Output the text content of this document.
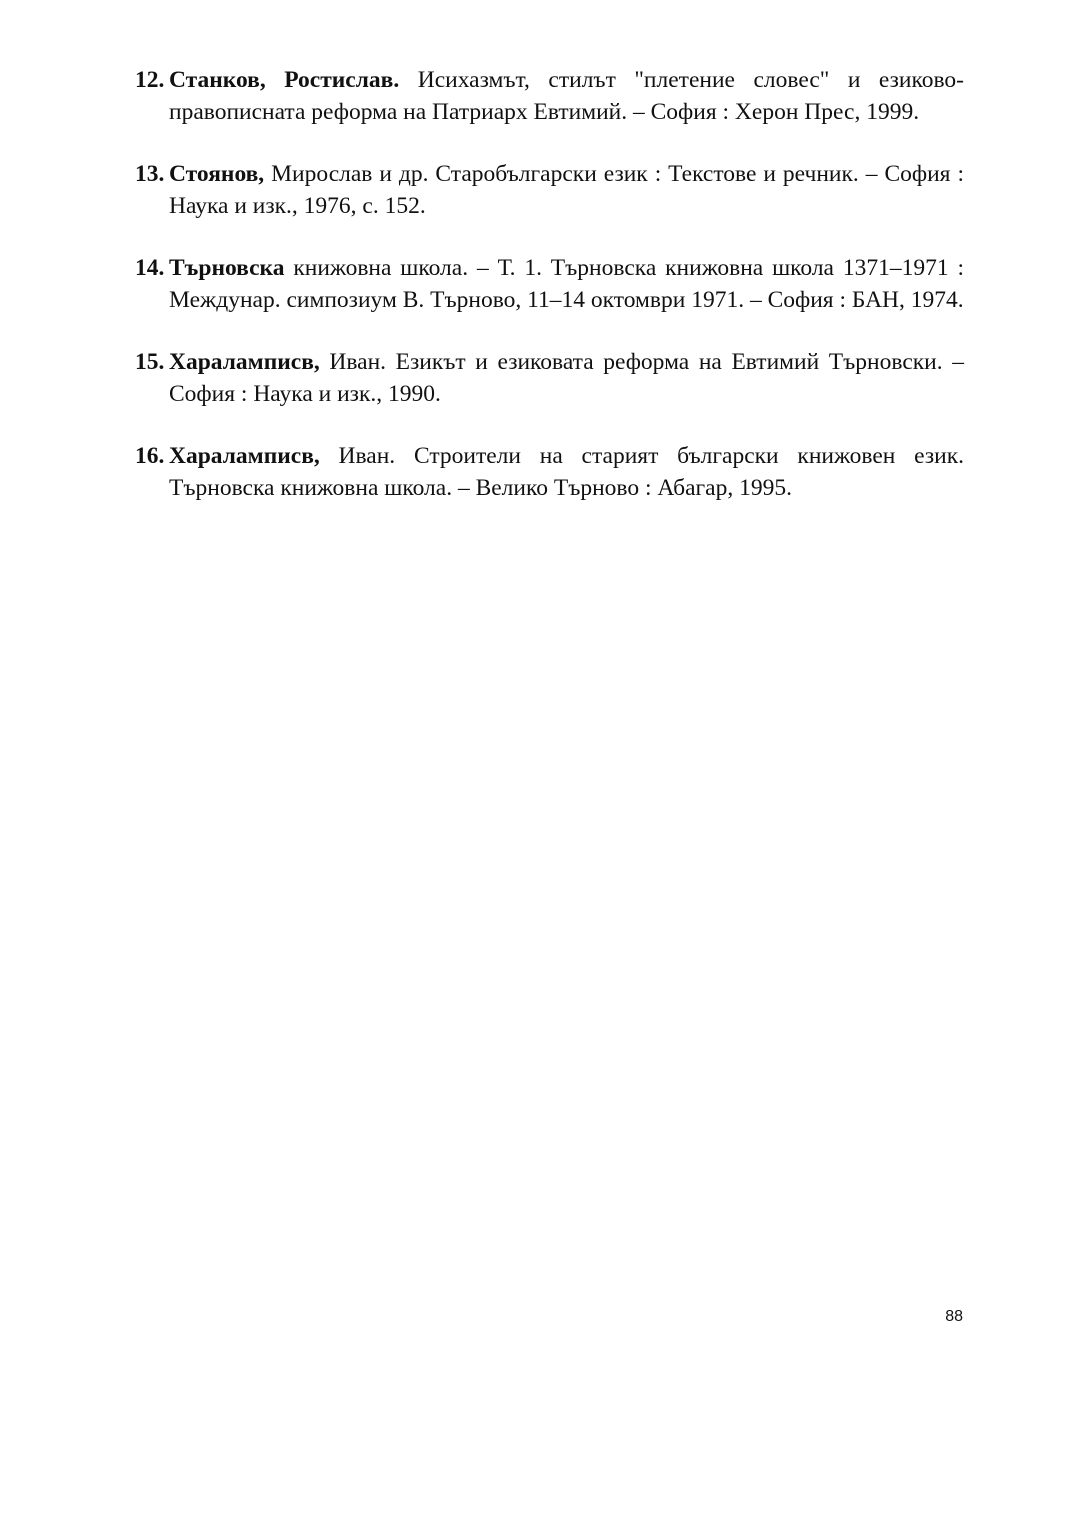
12. Станков, Ростислав. Исихазмът, стилът "плетение словес" и езиково-правописната реформа на Патриарх Евтимий. – София : Херон Прес, 1999.

13. Стоянов, Мирослав и др. Старобългарски език : Текстове и речник. – София : Наука и изк., 1976, с. 152.

14. Търновска книжовна школа. – Т. 1. Търновска книжовна школа 1371–1971 : Междунар. симпозиум В. Търново, 11–14 октомври 1971. – София : БАН, 1974.

15. Хараламписв, Иван. Езикът и езиковата реформа на Евтимий Търновски. – София : Наука и изк., 1990.

16. Хараламписв, Иван. Строители на старият български книжовен език. Търновска книжовна школа. – Велико Търново : Абагар, 1995.

88
